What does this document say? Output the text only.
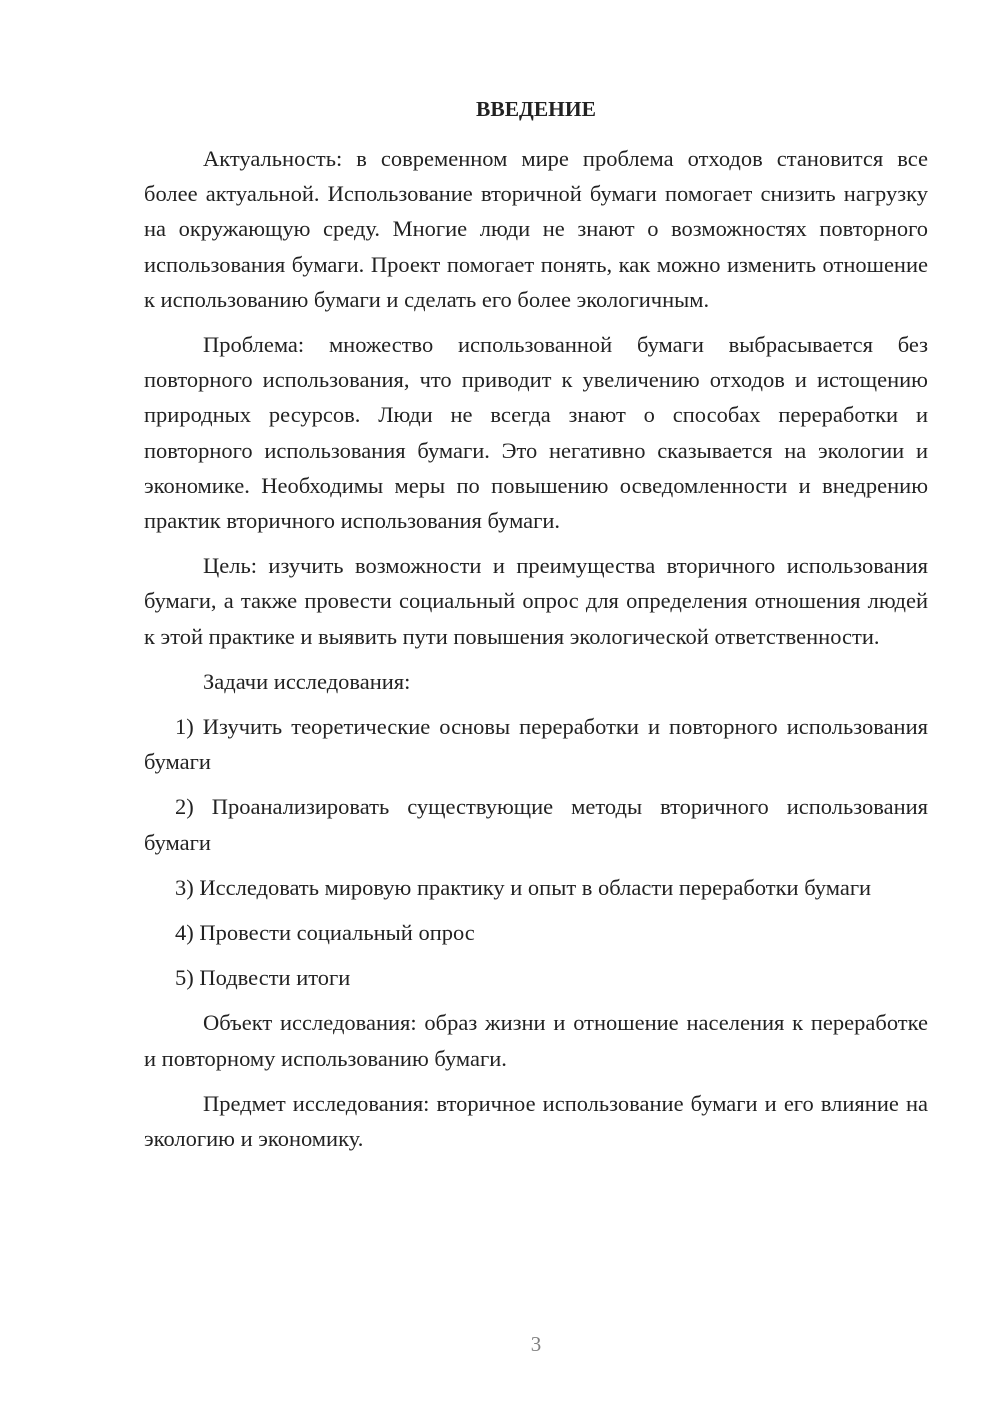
ВВЕДЕНИЕ

Актуальность: в современном мире проблема отходов становится все более актуальной. Использование вторичной бумаги помогает снизить нагрузку на окружающую среду. Многие люди не знают о возможностях повторного использования бумаги. Проект помогает понять, как можно изменить отношение к использованию бумаги и сделать его более экологичным.

Проблема: множество использованной бумаги выбрасывается без повторного использования, что приводит к увеличению отходов и истощению природных ресурсов. Люди не всегда знают о способах переработки и повторного использования бумаги. Это негативно сказывается на экологии и экономике. Необходимы меры по повышению осведомленности и внедрению практик вторичного использования бумаги.

Цель: изучить возможности и преимущества вторичного использования бумаги, а также провести социальный опрос для определения отношения людей к этой практике и выявить пути повышения экологической ответственности.

Задачи исследования:

1) Изучить теоретические основы переработки и повторного использования бумаги

2) Проанализировать существующие методы вторичного использования бумаги

3) Исследовать мировую практику и опыт в области переработки бумаги

4) Провести социальный опрос

5) Подвести итоги

Объект исследования: образ жизни и отношение населения к переработке и повторному использованию бумаги.

Предмет исследования: вторичное использование бумаги и его влияние на экологию и экономику.

3
